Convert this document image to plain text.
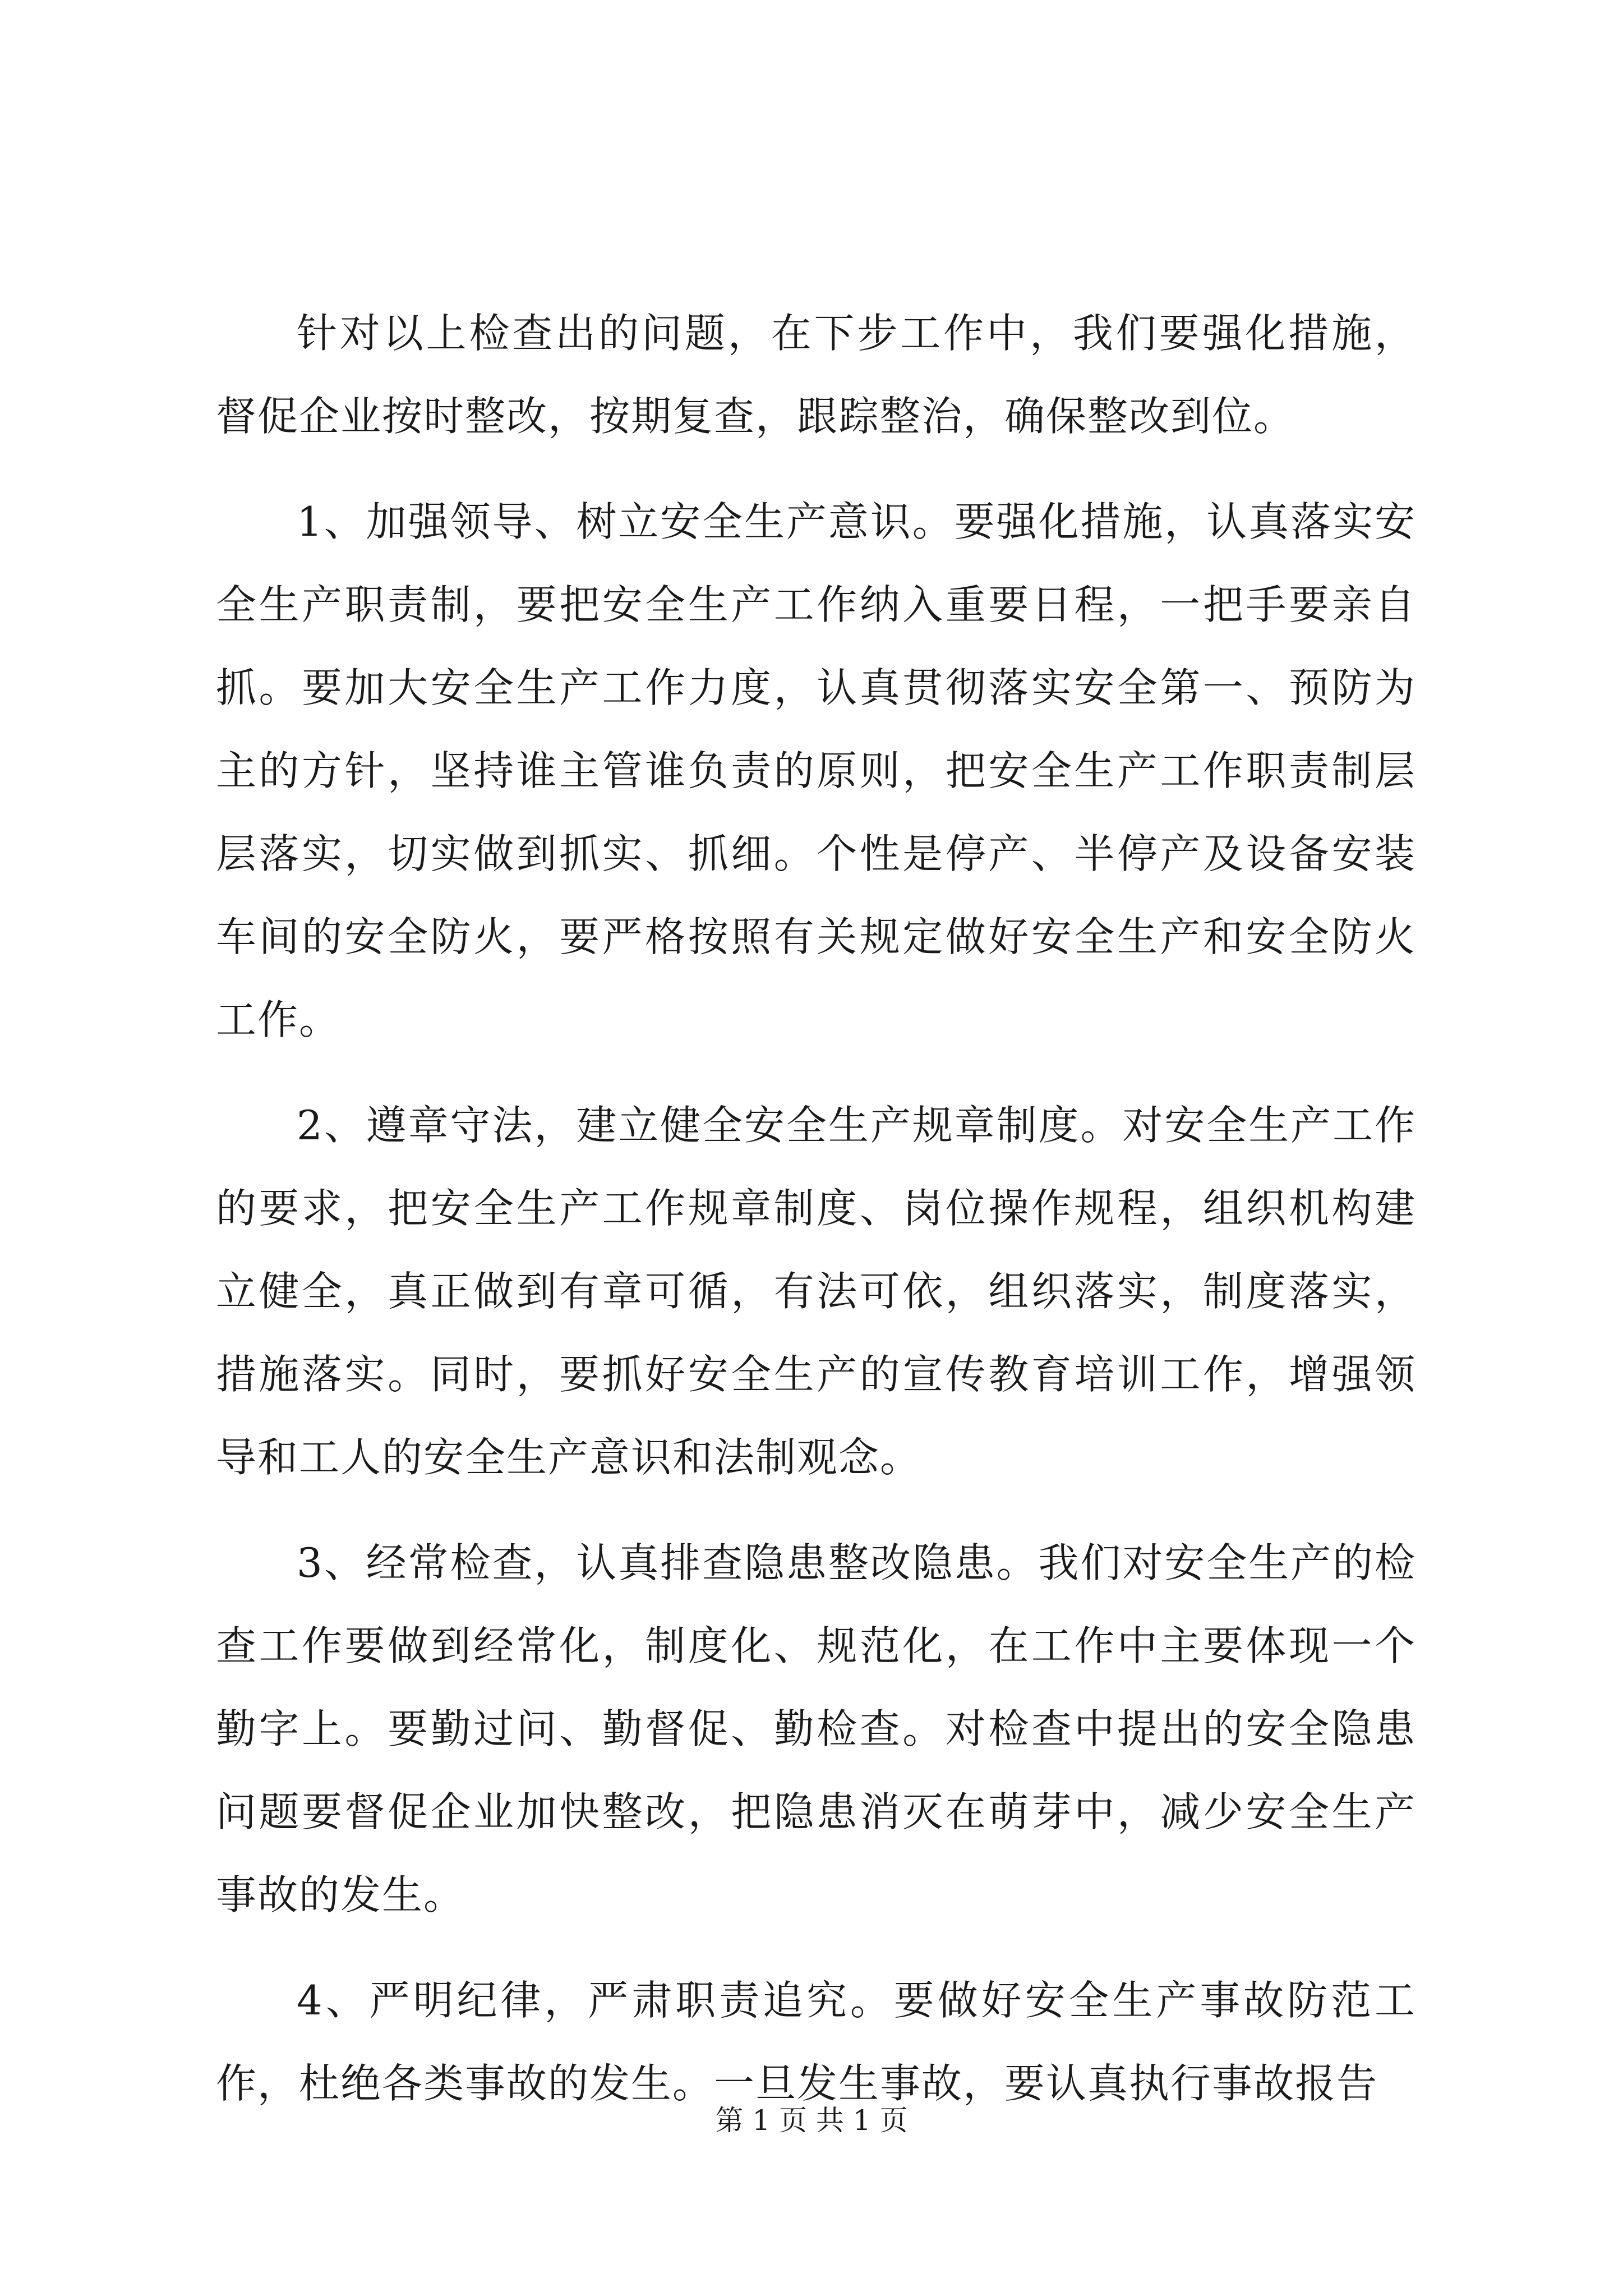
针对以上检查出的问题，在下步工作中，我们要强化措施，督促企业按时整改，按期复查，跟踪整治，确保整改到位。

1、加强领导、树立安全生产意识。要强化措施，认真落实安全生产职责制，要把安全生产工作纳入重要日程，一把手要亲自抓。要加大安全生产工作力度，认真贯彻落实安全第一、预防为主的方针，坚持谁主管谁负责的原则，把安全生产工作职责制层层落实，切实做到抓实、抓细。个性是停产、半停产及设备安装车间的安全防火，要严格按照有关规定做好安全生产和安全防火工作。

2、遵章守法，建立健全安全生产规章制度。对安全生产工作的要求，把安全生产工作规章制度、岗位操作规程，组织机构建立健全，真正做到有章可循，有法可依，组织落实，制度落实，措施落实。同时，要抓好安全生产的宣传教育培训工作，增强领导和工人的安全生产意识和法制观念。

3、经常检查，认真排查隐患整改隐患。我们对安全生产的检查工作要做到经常化，制度化、规范化，在工作中主要体现一个勤字上。要勤过问、勤督促、勤检查。对检查中提出的安全隐患问题要督促企业加快整改，把隐患消灭在萌芽中，减少安全生产事故的发生。

4、严明纪律，严肃职责追究。要做好安全生产事故防范工作，杜绝各类事故的发生。一旦发生事故，要认真执行事故报告

第 1 页 共 1 页
